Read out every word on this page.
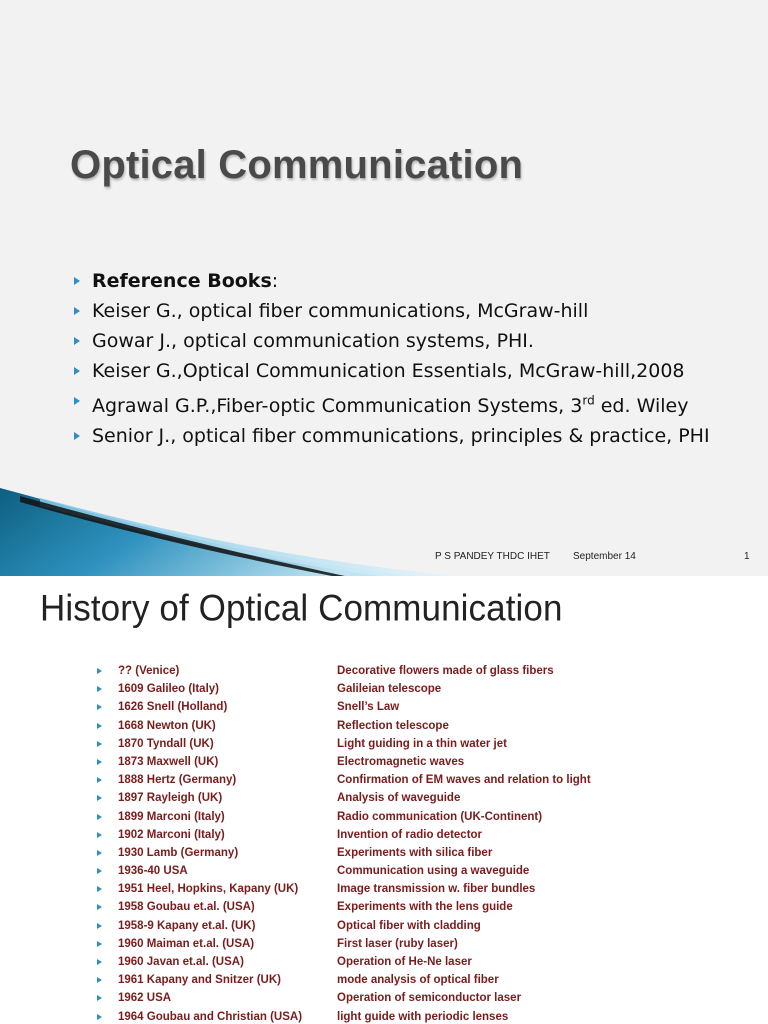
Optical Communication
Reference Books:
Keiser G., optical fiber communications, McGraw-hill
Gowar J., optical communication systems, PHI.
Keiser G.,Optical Communication Essentials, McGraw-hill,2008
Agrawal G.P.,Fiber-optic Communication Systems, 3rd ed. Wiley
Senior J., optical fiber communications, principles & practice, PHI
P S PANDEY THDC IHET September 14	1
History of Optical Communication
?? (Venice)	Decorative flowers made of glass fibers
1609 Galileo (Italy)	Galileian telescope
1626 Snell (Holland)	Snell’s Law
1668 Newton (UK)	Reflection telescope
1870 Tyndall (UK)	Light guiding in a thin water jet
1873 Maxwell (UK)	Electromagnetic waves
1888 Hertz (Germany)	Confirmation of EM waves and relation to light
1897 Rayleigh (UK)	Analysis of waveguide
1899 Marconi (Italy)	Radio communication (UK-Continent)
1902 Marconi (Italy)	Invention of radio detector
1930 Lamb (Germany)	Experiments with silica fiber
1936-40 USA	Communication using a waveguide
1951 Heel, Hopkins, Kapany (UK)	Image transmission w. fiber bundles
1958 Goubau et.al. (USA)	Experiments with the lens guide
1958-9 Kapany et.al. (UK)	Optical fiber with cladding
1960 Maiman et.al. (USA)	First laser (ruby laser)
1960 Javan et.al. (USA)	Operation of He-Ne laser
1961 Kapany and Snitzer (UK)	mode analysis of optical fiber
1962 USA	Operation of semiconductor laser
1964 Goubau and Christian (USA)	light guide with periodic lenses
